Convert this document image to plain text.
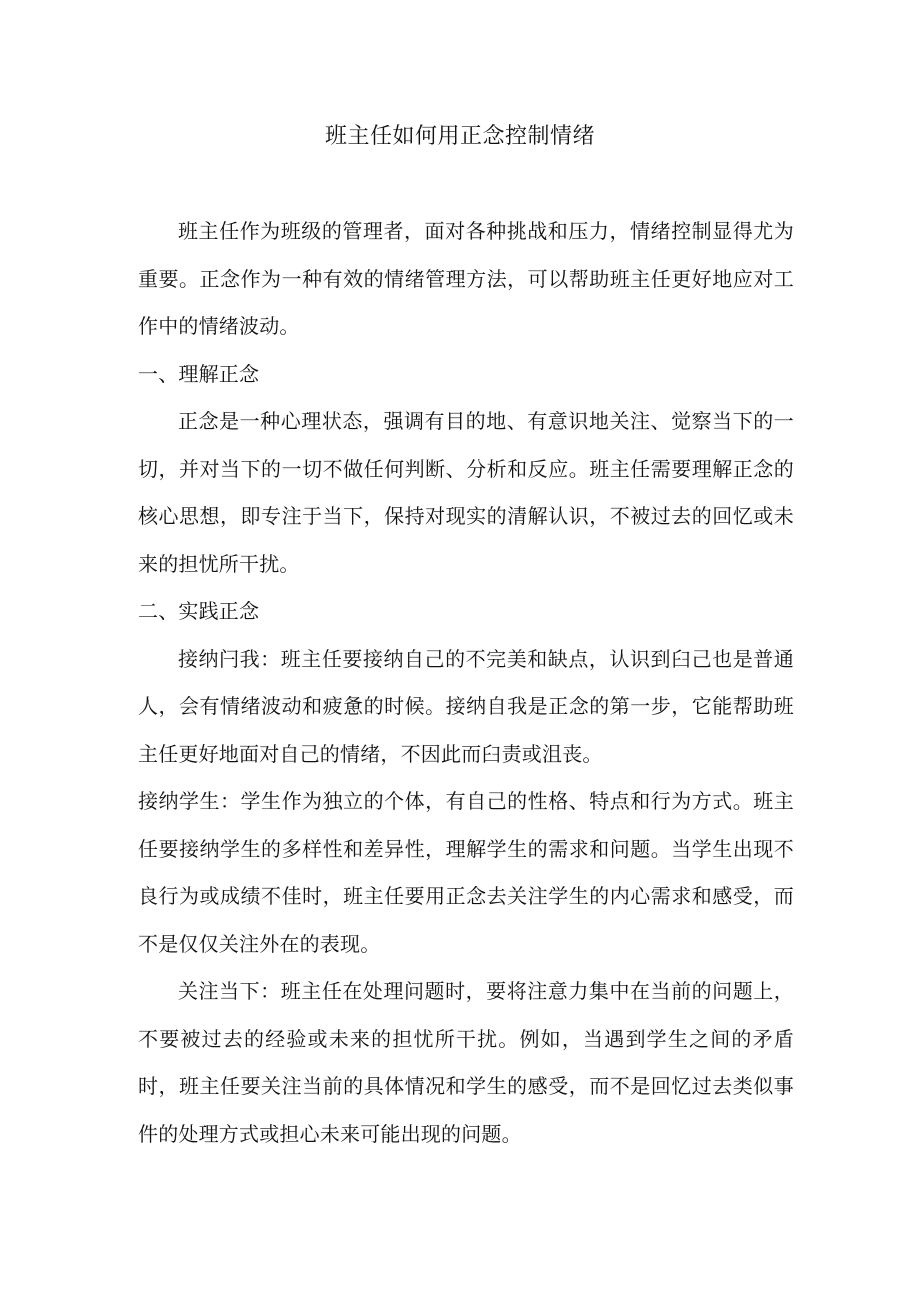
班主任如何用正念控制情绪

班主任作为班级的管理者，面对各种挑战和压力，情绪控制显得尤为重要。正念作为一种有效的情绪管理方法，可以帮助班主任更好地应对工作中的情绪波动。

一、理解正念

正念是一种心理状态，强调有目的地、有意识地关注、觉察当下的一切，并对当下的一切不做任何判断、分析和反应。班主任需要理解正念的核心思想，即专注于当下，保持对现实的清解认识，不被过去的回忆或未来的担忧所干扰。

二、实践正念

接纳闩我：班主任要接纳自己的不完美和缺点，认识到臼己也是普通人，会有情绪波动和疲惫的时候。接纳自我是正念的第一步，它能帮助班主任更好地面对自己的情绪，不因此而臼责或沮丧。

接纳学生：学生作为独立的个体，有自己的性格、特点和行为方式。班主任要接纳学生的多样性和差异性，理解学生的需求和问题。当学生出现不良行为或成绩不佳时，班主任要用正念去关注学生的内心需求和感受，而不是仅仅关注外在的表现。

关注当下：班主任在处理问题时，要将注意力集中在当前的问题上，不要被过去的经验或未来的担忧所干扰。例如，当遇到学生之间的矛盾时，班主任要关注当前的具体情况和学生的感受，而不是回忆过去类似事件的处理方式或担心未来可能出现的问题。
